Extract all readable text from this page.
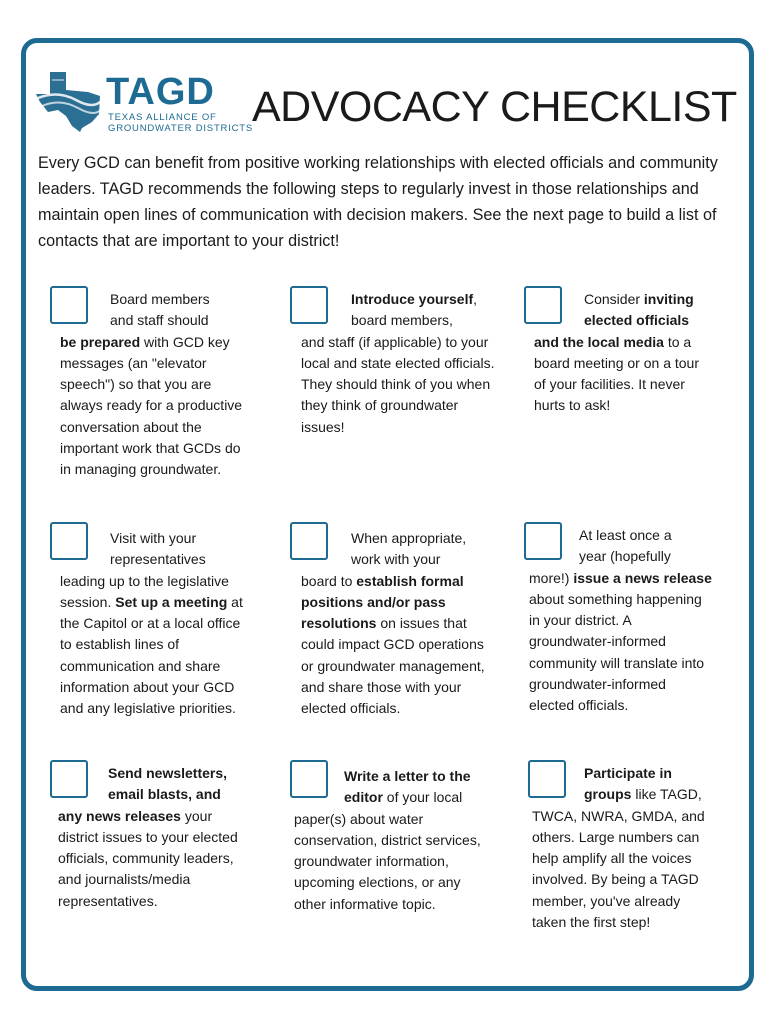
TAGD
TEXAS ALLIANCE OF
GROUNDWATER DISTRICTS
ADVOCACY CHECKLIST

Every GCD can benefit from positive working relationships with elected officials and community leaders. TAGD recommends the following steps to regularly invest in those relationships and maintain open lines of communication with decision makers. See the next page to build a list of contacts that are important to your district!

Board members
and staff should

be prepared with GCD key messages (an "elevator speech") so that you are always ready for a productive conversation about the important work that GCDs do in managing groundwater.

Introduce yourself,
board members,

and staff (if applicable) to your local and state elected officials. They should think of you when they think of groundwater issues!

Consider inviting
elected officials

and the local media to a board meeting or on a tour of your facilities. It never hurts to ask!

Visit with your
representatives

leading up to the legislative session. Set up a meeting at the Capitol or at a local office to establish lines of communication and share information about your GCD and any legislative priorities.

When appropriate,
work with your

board to establish formal positions and/or pass resolutions on issues that could impact GCD operations or groundwater management, and share those with your elected officials.

At least once a
year (hopefully

more!) issue a news release about something happening in your district. A groundwater-informed community will translate into groundwater-informed elected officials.

Send newsletters,
email blasts, and

any news releases your district issues to your elected officials, community leaders, and journalists/media representatives.

Write a letter to the
editor of your local

paper(s) about water conservation, district services, groundwater information, upcoming elections, or any other informative topic.

Participate in
groups like TAGD,

TWCA, NWRA, GMDA, and others. Large numbers can help amplify all the voices involved. By being a TAGD member, you've already taken the first step!
